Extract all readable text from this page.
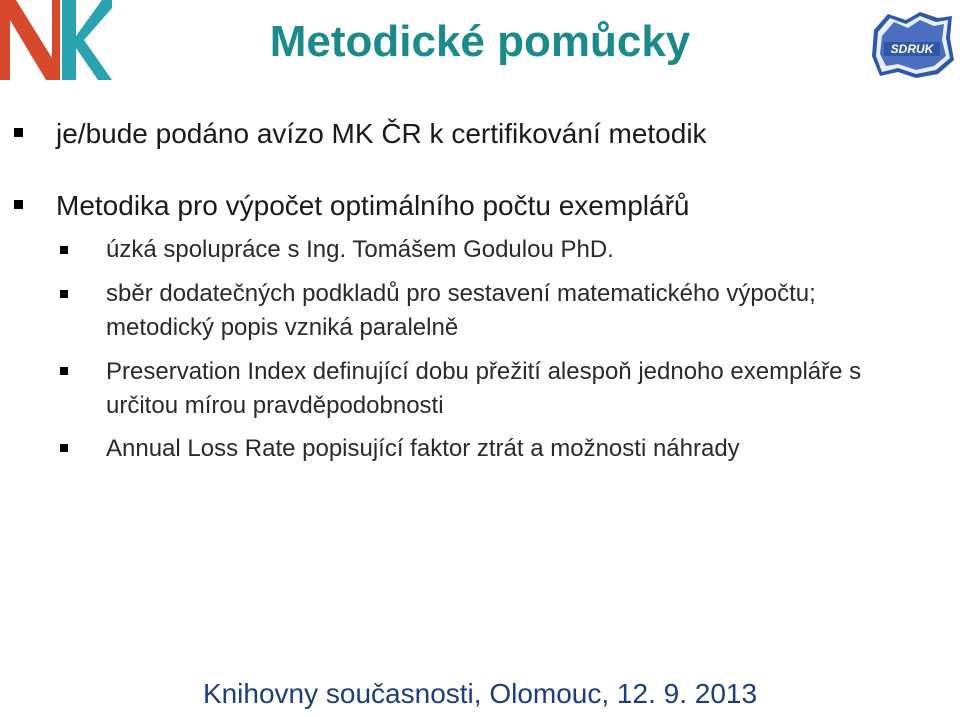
SDRUK
Metodické pomůcky
je/bude podáno avízo MK ČR k certifikování metodik
Metodika pro výpočet optimálního počtu exemplářů
úzká spolupráce s Ing. Tomášem Godulou PhD.
sběr dodatečných podkladů pro sestavení matematického výpočtu;
metodický popis vzniká paralelně
Preservation Index definující dobu přežití alespoň jednoho exempláře s
určitou mírou pravděpodobnosti
Annual Loss Rate popisující faktor ztrát a možnosti náhrady
Knihovny současnosti, Olomouc, 12. 9. 2013
